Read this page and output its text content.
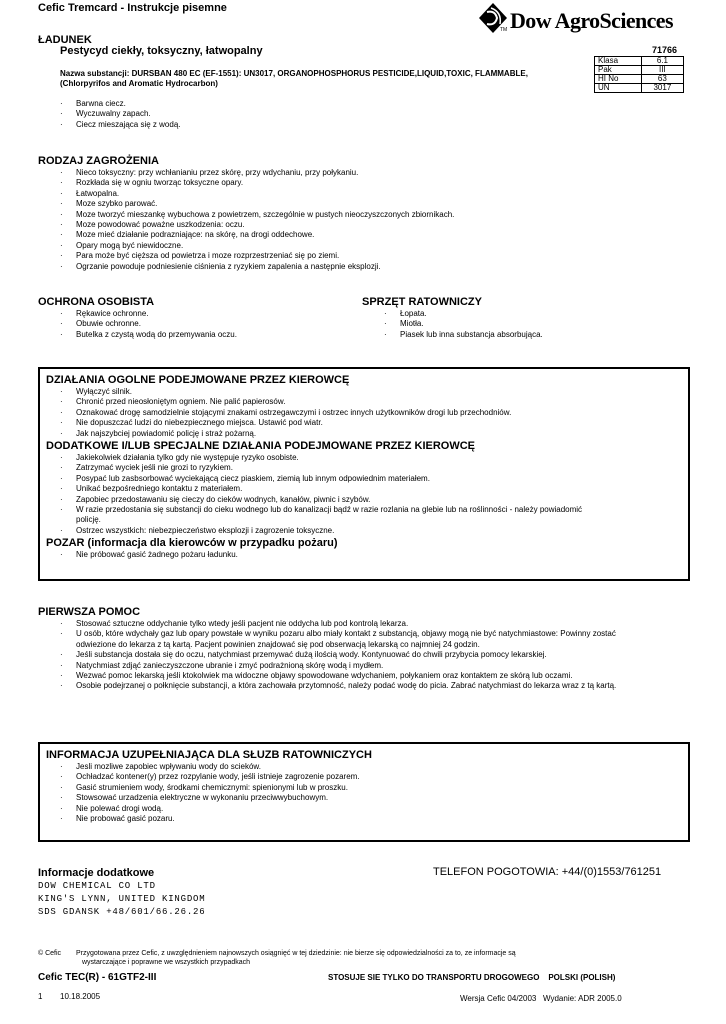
Cefic Tremcard - Instrukcje pisemne	Dow AgroSciences
TM
ŁADUNEK
Pestycyd ciekły, toksyczny, łatwopalny
Nazwa substancji: DURSBAN 480 EC (EF-1551): UN3017, ORGANOPHOSPHORUS PESTICIDE,LIQUID,TOXIC, FLAMMABLE,(Chlorpyrifos and Aromatic Hydrocarbon)
· Barwna ciecz.
· Wyczuwalny zapach.
· Ciecz mieszająca się z wodą.
71766
Klasa	6.1
Pak	III
HI No	63
UN	3017
RODZAJ ZAGROŻENIA
· Nieco toksyczny: przy wchłanianiu przez skórę, przy wdychaniu, przy połykaniu.
· Rozkłada się w ogniu tworząc toksyczne opary.
· Łatwopalna.
· Moze szybko parować.
· Moze tworzyć mieszankę wybuchowa z powietrzem, szczególnie w pustych nieoczyszczonych zbiornikach.
· Moze powodować poważne uszkodzenia: oczu.
· Moze mieć działanie podrazniające: na skórę, na drogi oddechowe.
· Opary mogą być niewidoczne.
· Para może być cięższa od powietrza i moze rozprzestrzeniać się po ziemi.
· Ogrzanie powoduje podniesienie ciśnienia z ryzykiem zapalenia a następnie eksplozji.
OCHRONA OSOBISTA
· Rękawice ochronne.
· Obuwie ochronne.
· Butelka z czystą wodą do przemywania oczu.
SPRZĘT RATOWNICZY
· Łopata.
· Miotła.
· Piasek lub inna substancja absorbująca.
DZIAŁANIA OGOLNE PODEJMOWANE PRZEZ KIEROWCĘ
· Wyłączyć silnik.
· Chronić przed nieosłoniętym ogniem. Nie palić papierosów.
· Oznakować drogę samodzielnie stojącymi znakami ostrzegawczymi i ostrzec innych użytkowników drogi lub przechodniów.
· Nie dopuszczać ludzi do niebezpiecznego miejsca. Ustawić pod wiatr.
· Jak najszybciej powiadomić policję i straż pożarną.
DODATKOWE I/LUB SPECJALNE DZIAŁANIA PODEJMOWANE PRZEZ KIEROWCĘ
· Jakiekolwiek działania tylko gdy nie występuje ryzyko osobiste.
· Zatrzymać wyciek jeśli nie grozi to ryzykiem.
· Posypać lub zasbsorbować wyciekającą ciecz piaskiem, ziemią lub innym odpowiednim materiałem.
· Unikać bezpośredniego kontaktu z materiałem.
· Zapobiec przedostawaniu się cieczy do cieków wodnych, kanałów, piwnic i szybów.
· W razie przedostania się substancji do cieku wodnego lub do kanalizacji bądź w razie rozlania na glebie lub na roślinności - należy powiadomić policję.
· Ostrzec wszystkich: niebezpieczeństwo eksplozji i zagrozenie toksyczne.
POZAR (informacja dla kierowców w przypadku pożaru)
· Nie próbować gasić żadnego pożaru ładunku.
PIERWSZA POMOC
· Stosować sztuczne oddychanie tylko wtedy jeśli pacjent nie oddycha lub pod kontrolą lekarza.
· U osób, które wdychały gaz lub opary powstałe w wyniku pozaru albo miały kontakt z substancją, objawy mogą nie być natychmiastowe: Powinny zostać odwiezione do lekarza z tą kartą. Pacjent powinien znajdować się pod obserwacją lekarską co najmniej 24 godzin.
· Jeśli substancja dostała się do oczu, natychmiast przemywać dużą ilością wody. Kontynuować do chwili przybycia pomocy lekarskiej.
· Natychmiast zdjąć zanieczyszczone ubranie i zmyć podrażnioną skórę wodą i mydłem.
· Wezwać pomoc lekarską jeśli ktokolwiek ma widoczne objawy spowodowane wdychaniem, połykaniem oraz kontaktem ze skórą lub oczami.
· Osobie podejrzanej o połknięcie substancji, a która zachowała przytomność, należy podać wodę do picia. Zabrać natychmiast do lekarza wraz z tą kartą.
INFORMACJA UZUPEŁNIAJĄCA DLA SŁUZB RATOWNICZYCH
· Jesli mozliwe zapobiec wpływaniu wody do scieków.
· Ochładzać kontener(y) przez rozpylanie wody, jeśli istnieje zagrozenie pozarem.
· Gasić strumieniem wody, środkami chemicznymi: spienionymi lub w proszku.
· Stowsować urzadzenia elektryczne w wykonaniu przeciwwybuchowym.
· Nie polewać drogi wodą.
· Nie probować gasić pozaru.
Informacje dodatkowe
DOW CHEMICAL CO LTD
KING'S LYNN, UNITED KINGDOM
SDS GDANSK +48/601/66.26.26
TELEFON POGOTOWIA: +44/(0)1553/761251
© Cefic Przygotowana przez Cefic, z uwzględnieniem najnowszych osiągnięć w tej dziedzinie: nie bierze się odpowiedzialności za to, ze informacje są
wystarczające i poprawne we wszystkich przypadkach
Cefic TEC(R) - 61GTF2-III	STOSUJE SIE TYLKO DO TRANSPORTU DROGOWEGO    POLSKI (POLISH)
1 10.18.2005	Wersja Cefic 04/2003   Wydanie: ADR 2005.0
